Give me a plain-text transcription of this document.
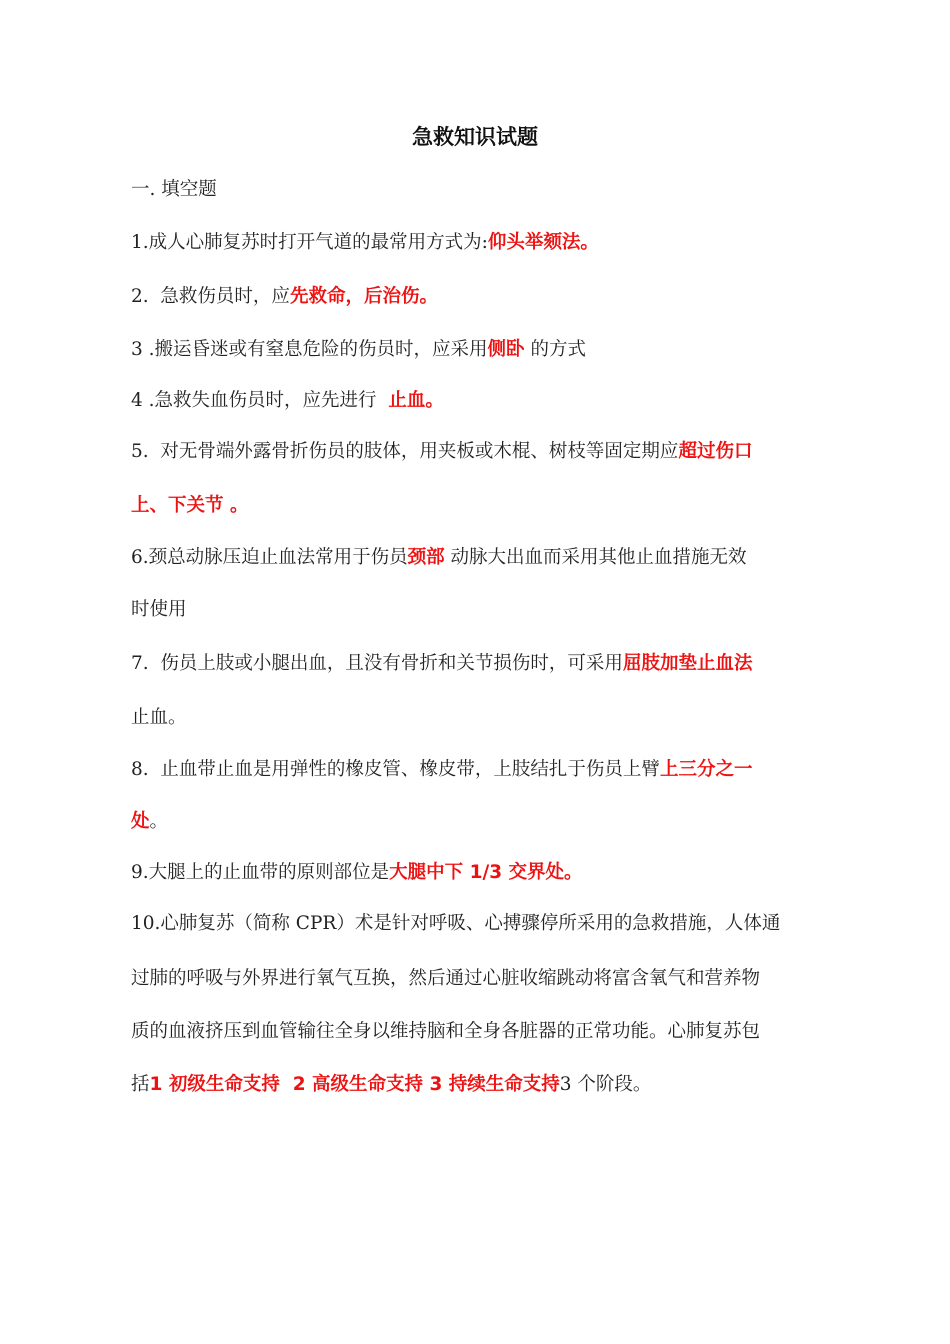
急救知识试题

一. 填空题

1.成人心肺复苏时打开气道的最常用方式为:仰头举颏法。

2. 急救伤员时，应先救命，后治伤。

3 .搬运昏迷或有窒息危险的伤员时，应采用侧卧 的方式

4 .急救失血伤员时，应先进行 止血。

5. 对无骨端外露骨折伤员的肢体，用夹板或木棍、树枝等固定期应超过伤口

上、下关节 。

6.颈总动脉压迫止血法常用于伤员颈部 动脉大出血而采用其他止血措施无效

时使用

7. 伤员上肢或小腿出血，且没有骨折和关节损伤时，可采用屈肢加垫止血法

止血。

8. 止血带止血是用弹性的橡皮管、橡皮带，上肢结扎于伤员上臂上三分之一

处。

9.大腿上的止血带的原则部位是大腿中下 1/3 交界处。

10.心肺复苏（简称 CPR）术是针对呼吸、心搏骤停所采用的急救措施，人体通

过肺的呼吸与外界进行氧气互换，然后通过心脏收缩跳动将富含氧气和营养物

质的血液挤压到血管输往全身以维持脑和全身各脏器的正常功能。心肺复苏包

括1 初级生命支持  2 高级生命支持 3 持续生命支持3 个阶段。
